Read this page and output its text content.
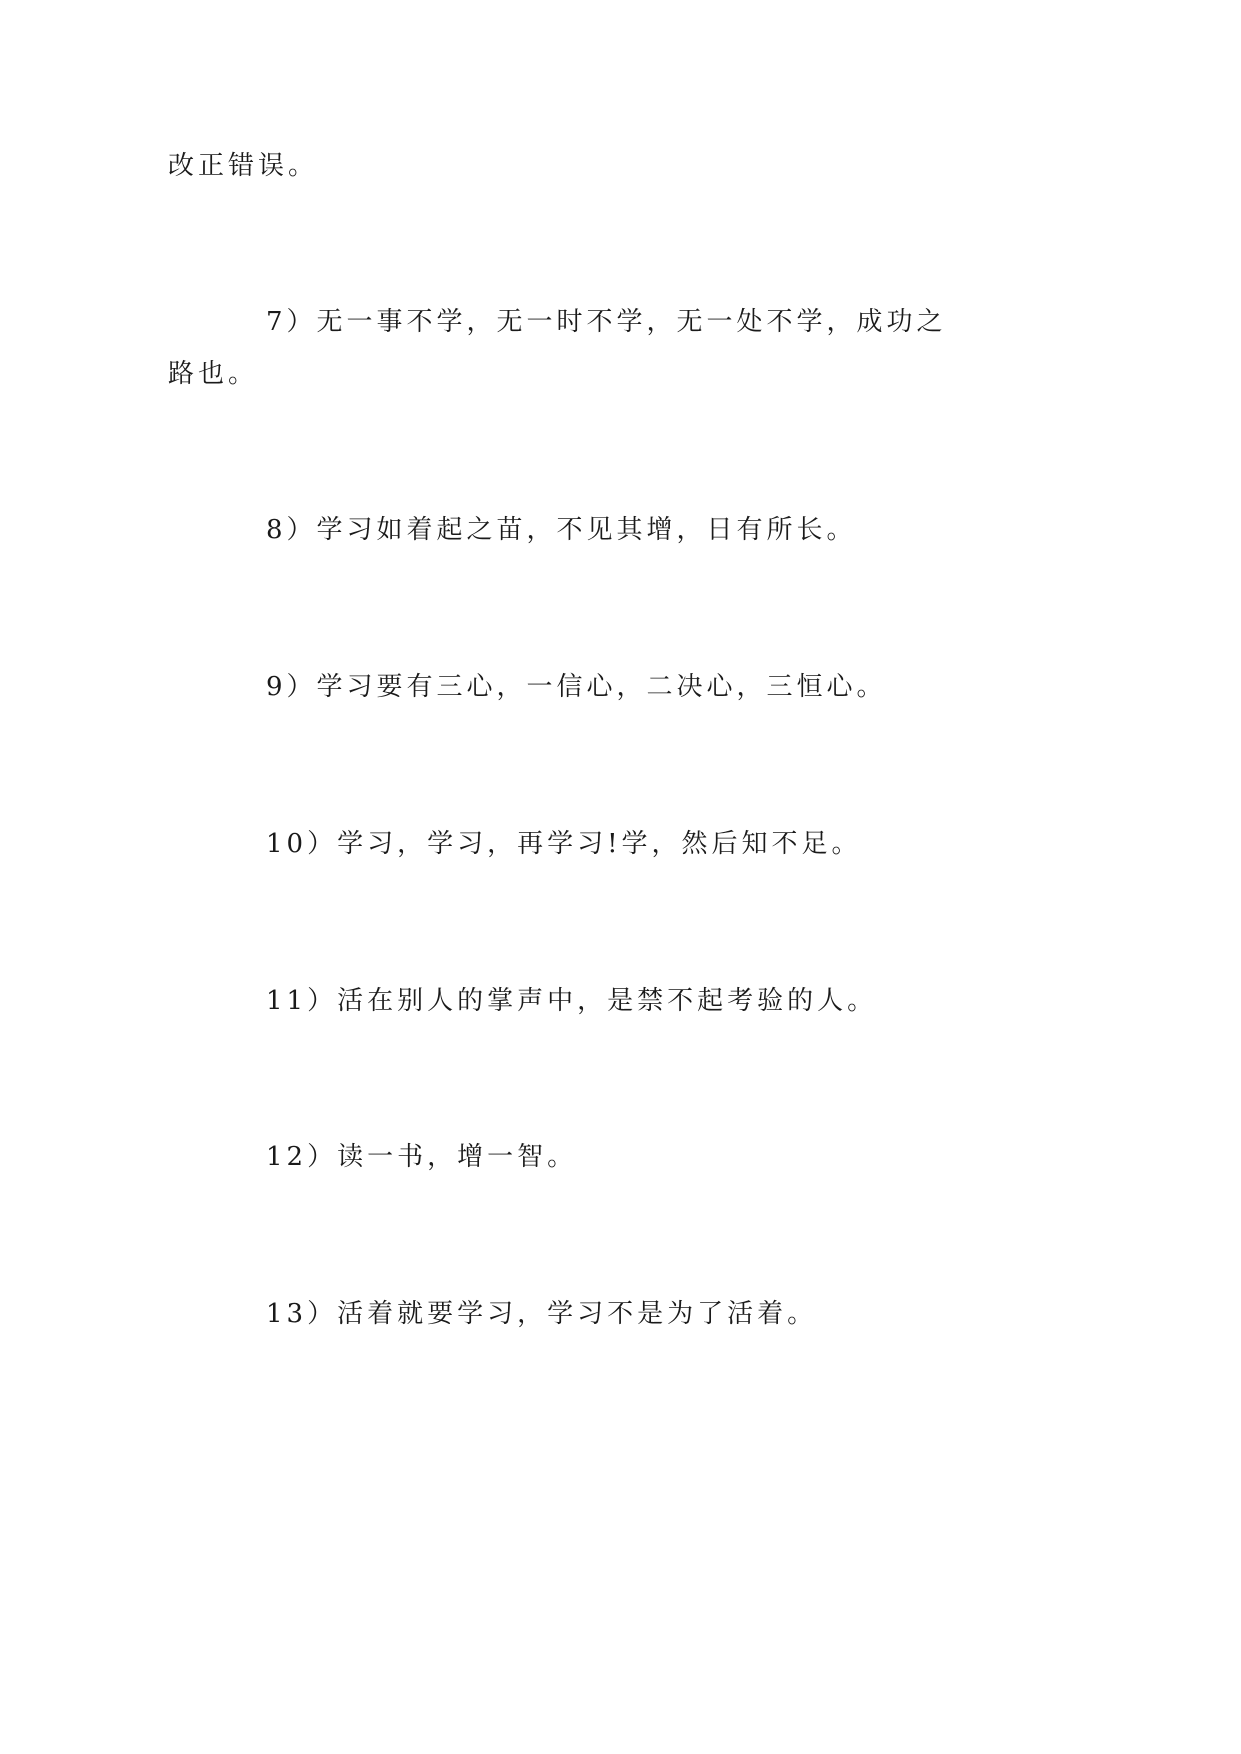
改正错误。
7）无一事不学，无一时不学，无一处不学，成功之
路也。
8）学习如着起之苗，不见其增，日有所长。
9）学习要有三心，一信心，二决心，三恒心。
10）学习，学习，再学习!学，然后知不足。
11）活在别人的掌声中，是禁不起考验的人。
12）读一书，增一智。
13）活着就要学习，学习不是为了活着。
